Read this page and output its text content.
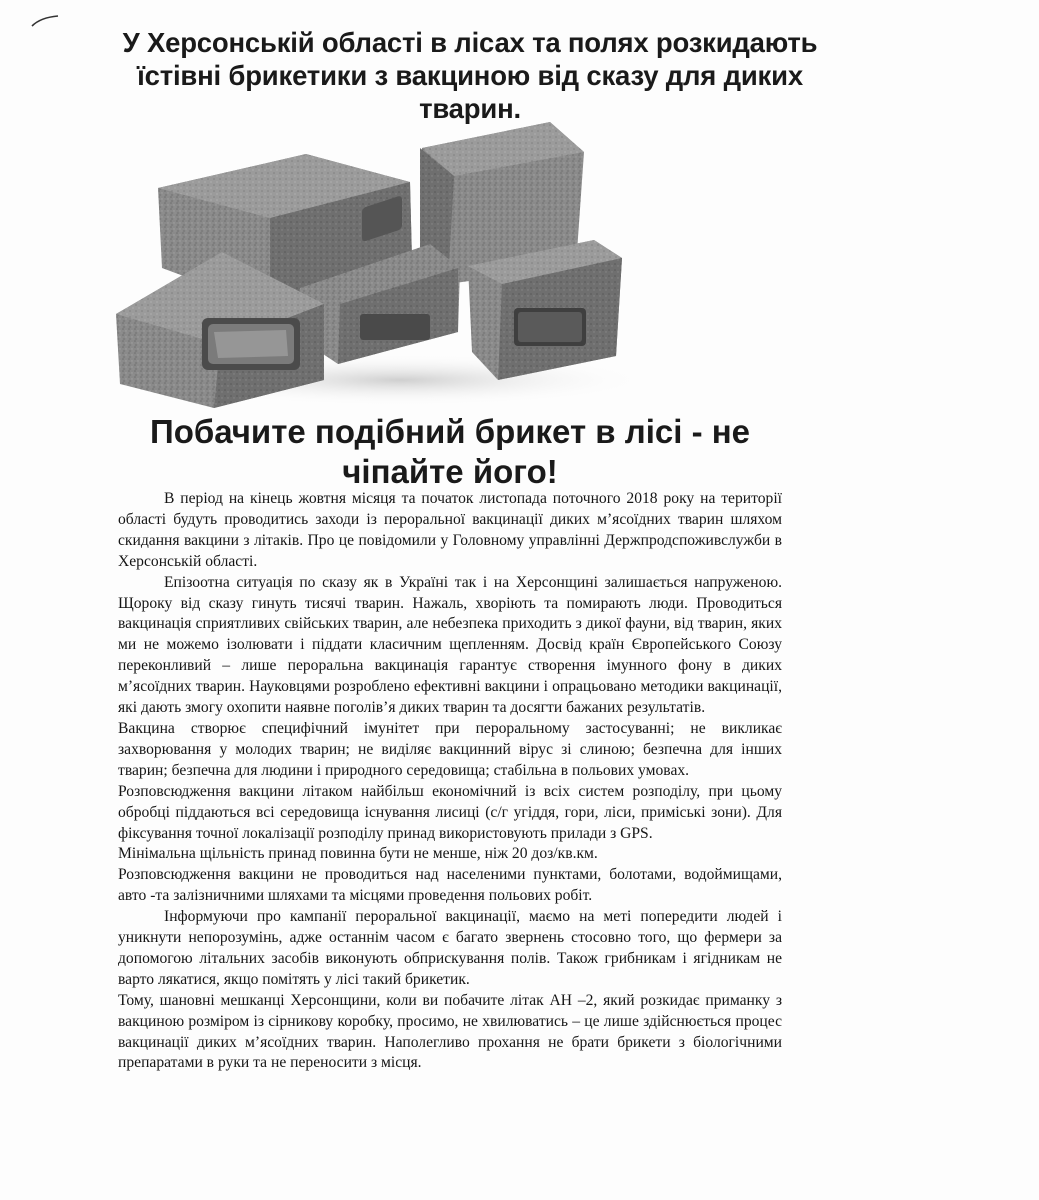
У Херсонській області в лісах та полях розкидають їстівні брикетики з вакциною від сказу для диких тварин.
Побачите подібний брикет в лісі - не чіпайте його!

В період на кінець жовтня місяця та початок листопада поточного 2018 року на території області будуть проводитись заходи із пероральної вакцинації диких м’ясоїдних тварин шляхом скидання вакцини з літаків. Про це повідомили у Головному управлінні Держпродспоживслужби в Херсонській області.

Епізоотна ситуація по сказу як в Україні так і на Херсонщині залишається напруженою. Щороку від сказу гинуть тисячі тварин. Нажаль, хворіють та помирають люди. Проводиться вакцинація сприятливих свійських тварин, але небезпека приходить з дикої фауни, від тварин, яких ми не можемо ізолювати і піддати класичним щепленням. Досвід країн Європейського Союзу переконливий – лише пероральна вакцинація гарантує створення імунного фону в диких м’ясоїдних тварин. Науковцями розроблено ефективні вакцини і опрацьовано методики вакцинації, які дають змогу охопити наявне поголів’я диких тварин та досягти бажаних результатів.

Вакцина створює специфічний імунітет при пероральному застосуванні; не викликає захворювання у молодих тварин; не виділяє вакцинний вірус зі слиною; безпечна для інших тварин; безпечна для людини і природного середовища; стабільна в польових умовах.

Розповсюдження вакцини літаком найбільш економічний із всіх систем розподілу, при цьому обробці піддаються всі середовища існування лисиці (с/г угіддя, гори, ліси, приміські зони). Для фіксування точної локалізації розподілу принад використовують прилади з GPS.

Мінімальна щільність принад повинна бути не менше, ніж 20 доз/кв.км.

Розповсюдження вакцини не проводиться над населеними пунктами, болотами, водоймищами, авто -та залізничними шляхами та місцями проведення польових робіт.

Інформуючи про кампанії пероральної вакцинації, маємо на меті попередити людей і уникнути непорозумінь, адже останнім часом є багато звернень стосовно того, що фермери за допомогою літальних засобів виконують обприскування полів. Також грибникам і ягідникам не варто лякатися, якщо помітять у лісі такий брикетик.

Тому, шановні мешканці Херсонщини, коли ви побачите літак АН –2, який розкидає приманку з вакциною розміром із сірникову коробку, просимо, не хвилюватись – це лише здійснюється процес вакцинації диких м’ясоїдних тварин. Наполегливо прохання не брати брикети з біологічними препаратами в руки та не переносити з місця.
